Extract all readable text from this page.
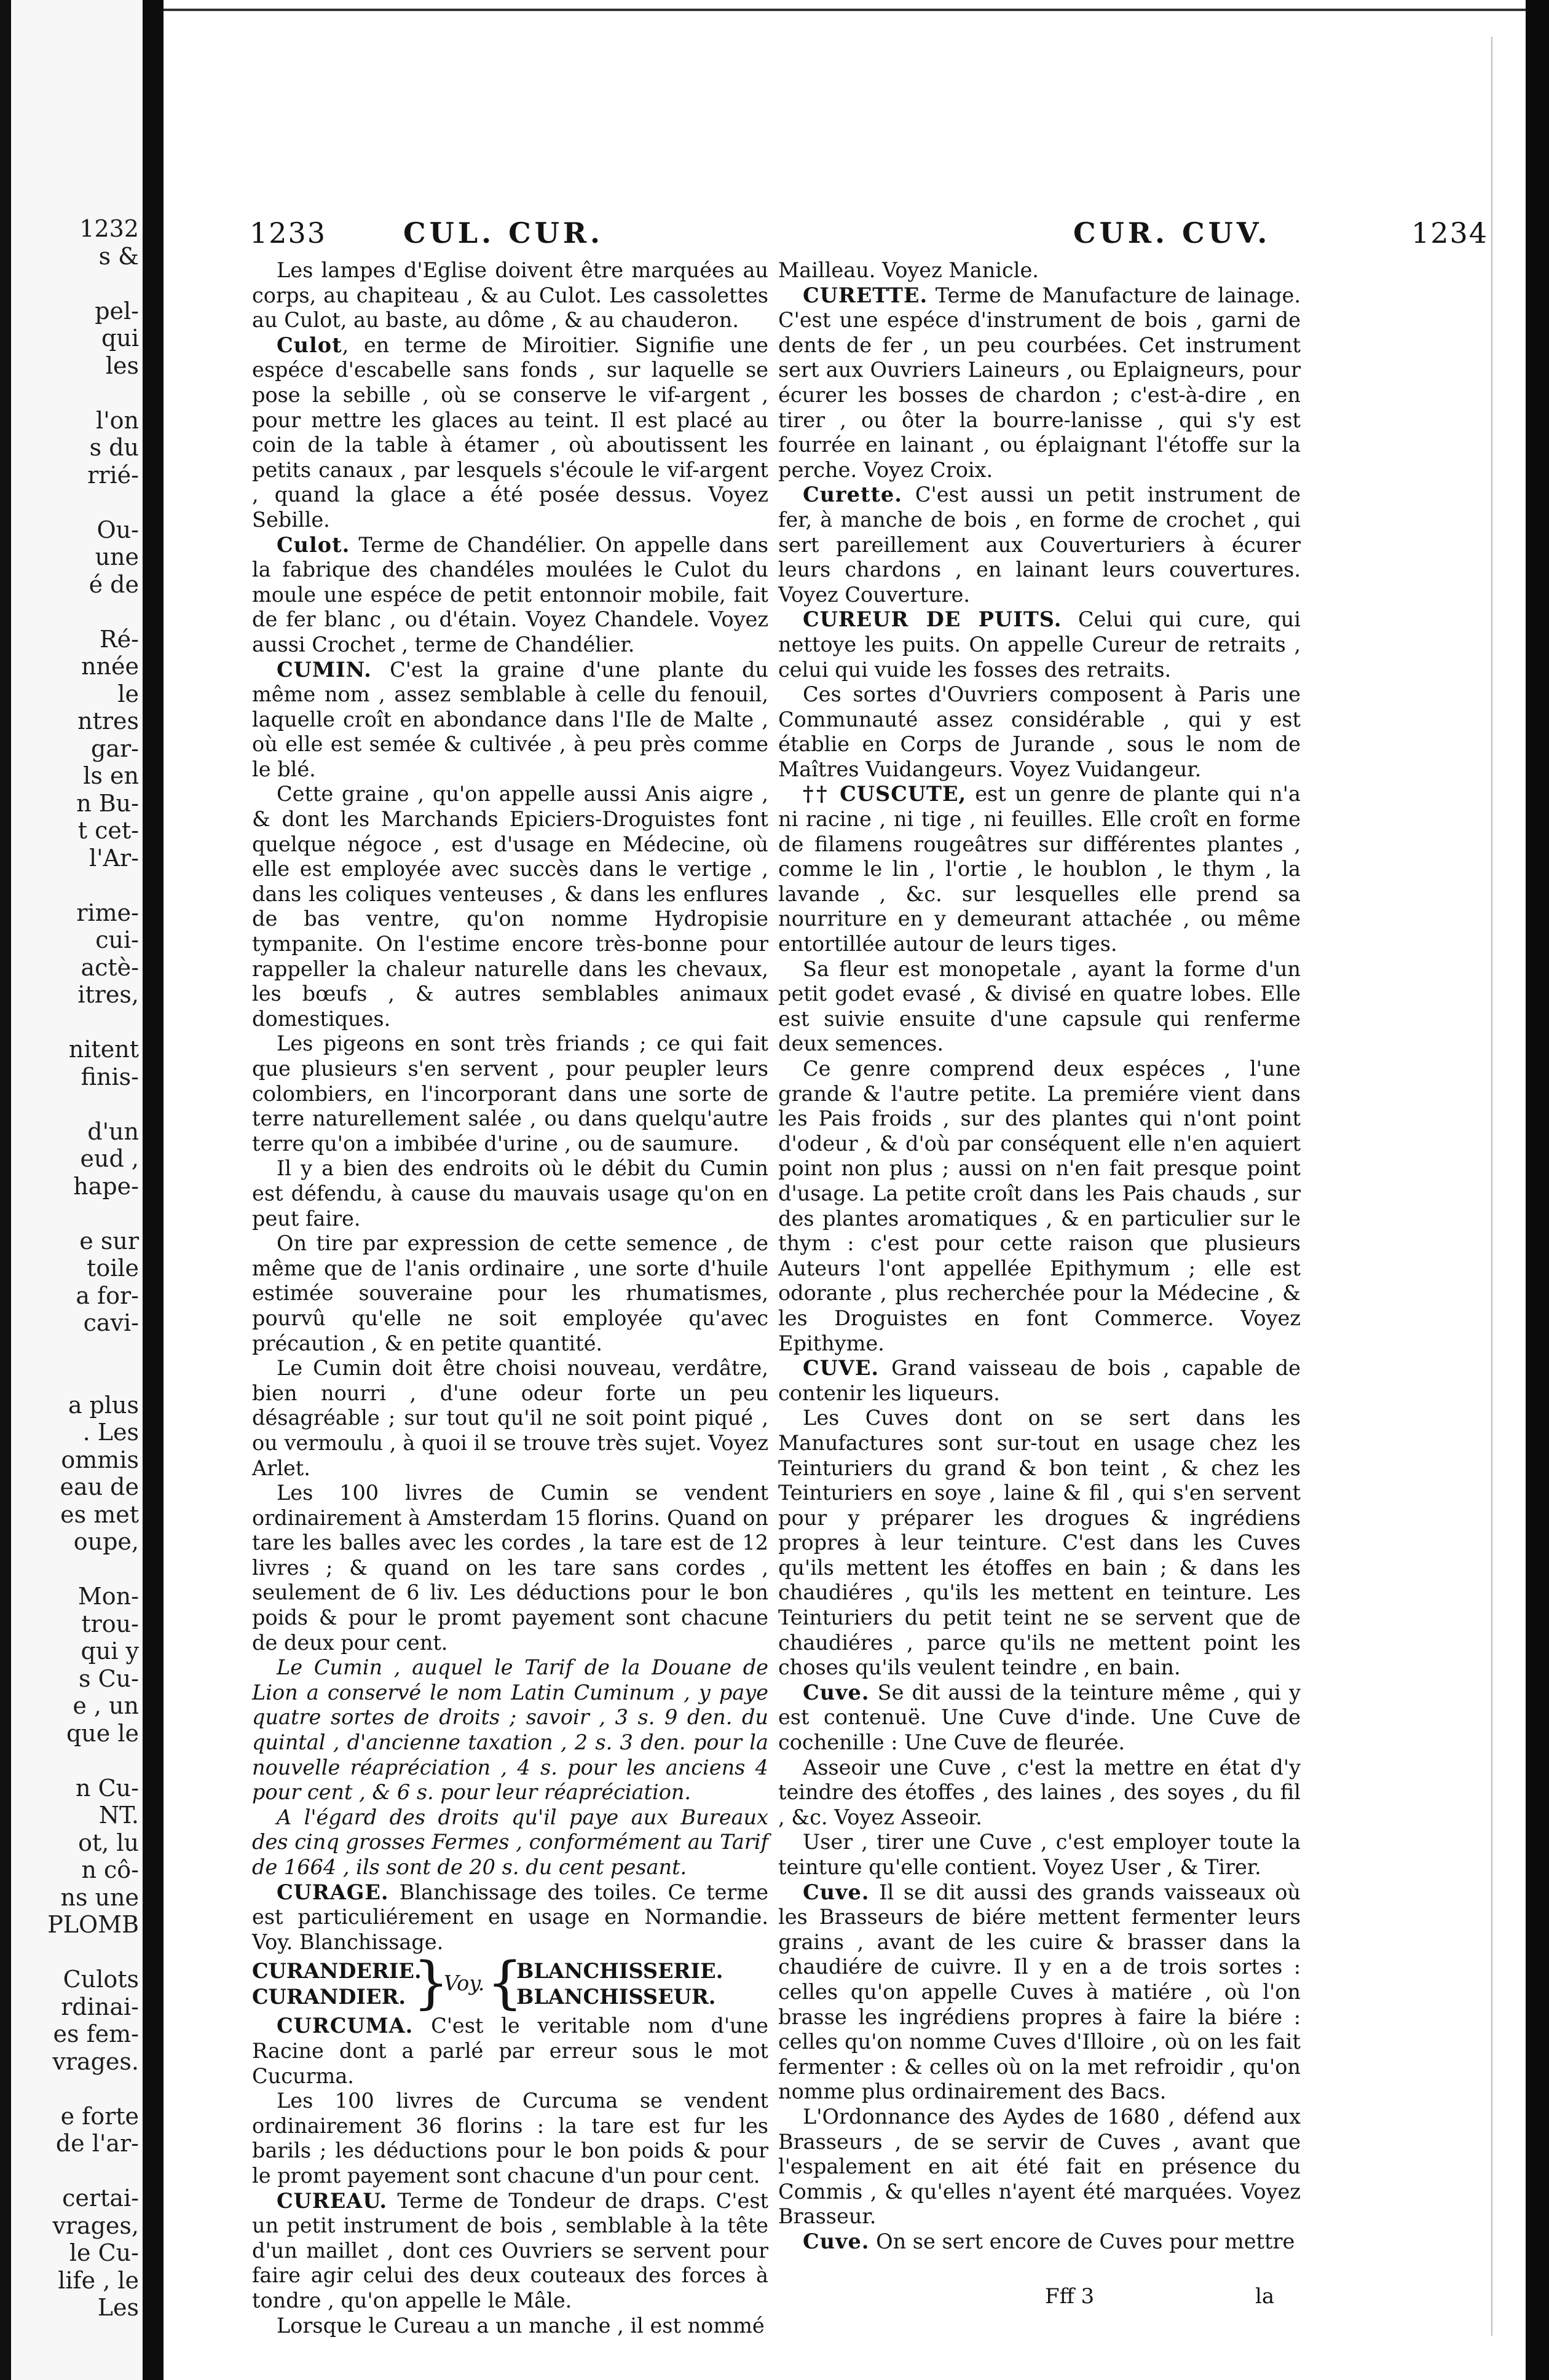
1232
s &
pel-
qui
les
l'on
s du
rrié-
Ou-
une
é de
Ré-
nnée
le
ntres
gar-
ls en
n Bu-
t cet-
l'Ar-
rime-
cui-
actè-
itres,
nitent
finis-
d'un
eud ,
hape-
e sur
toile
a for-
cavi-
a plus
. Les
ommis
eau de
es met
oupe,
Mon-
trou-
qui y
s Cu-
e , un
que le
n Cu-
NT.
ot, lu
n cô-
ns une
PLOMB
Culots
rdinai-
es fem-
vrages.
e forte
de l'ar-
certai-
vrages,
le Cu-
life , le
Les
1233	CUL. CUR.	CUR. CUV.	1234

Les lampes d'Eglise doivent être marquées au corps, au chapiteau , & au Culot. Les cassolettes au Culot, au baste, au dôme , & au chauderon.

Culot, en terme de Miroitier. Signifie une espéce d'escabelle sans fonds , sur laquelle se pose la sebille , où se conserve le vif-argent , pour mettre les glaces au teint. Il est placé au coin de la table à étamer , où aboutissent les petits canaux , par lesquels s'écoule le vif-argent , quand la glace a été posée dessus. Voyez Sebille.

Culot. Terme de Chandélier. On appelle dans la fabrique des chandéles moulées le Culot du moule une espéce de petit entonnoir mobile, fait de fer blanc , ou d'étain. Voyez Chandele. Voyez aussi Crochet , terme de Chandélier.

CUMIN. C'est la graine d'une plante du même nom , assez semblable à celle du fenouil, laquelle croît en abondance dans l'Ile de Malte , où elle est semée & cultivée , à peu près comme le blé.

Cette graine , qu'on appelle aussi Anis aigre , & dont les Marchands Epiciers-Droguistes font quelque négoce , est d'usage en Médecine, où elle est employée avec succès dans le vertige , dans les coliques venteuses , & dans les enflures de bas ventre, qu'on nomme Hydropisie tympanite. On l'estime encore très-bonne pour rappeller la chaleur naturelle dans les chevaux, les bœufs , & autres semblables animaux domestiques.

Les pigeons en sont très friands ; ce qui fait que plusieurs s'en servent , pour peupler leurs colombiers, en l'incorporant dans une sorte de terre naturellement salée , ou dans quelqu'autre terre qu'on a imbibée d'urine , ou de saumure.

Il y a bien des endroits où le débit du Cumin est défendu, à cause du mauvais usage qu'on en peut faire.

On tire par expression de cette semence , de même que de l'anis ordinaire , une sorte d'huile estimée souveraine pour les rhumatismes, pourvû qu'elle ne soit employée qu'avec précaution , & en petite quantité.

Le Cumin doit être choisi nouveau, verdâtre, bien nourri , d'une odeur forte un peu désagréable ; sur tout qu'il ne soit point piqué , ou vermoulu , à quoi il se trouve très sujet. Voyez Arlet.

Les 100 livres de Cumin se vendent ordinairement à Amsterdam 15 florins. Quand on tare les balles avec les cordes , la tare est de 12 livres ; & quand on les tare sans cordes , seulement de 6 liv. Les déductions pour le bon poids & pour le promt payement sont chacune de deux pour cent.

Le Cumin , auquel le Tarif de la Douane de Lion a conservé le nom Latin Cuminum , y paye quatre sortes de droits ; savoir , 3 s. 9 den. du quintal , d'ancienne taxation , 2 s. 3 den. pour la nouvelle réapréciation , 4 s. pour les anciens 4 pour cent , & 6 s. pour leur réapréciation.

A l'égard des droits qu'il paye aux Bureaux des cinq grosses Fermes , conformément au Tarif de 1664 , ils sont de 20 s. du cent pesant.

CURAGE. Blanchissage des toiles. Ce terme est particuliérement en usage en Normandie. Voy. Blanchissage.

CURANDERIE.
CURANDIER. }
Voy. {
BLANCHISSERIE.
BLANCHISSEUR.

CURCUMA. C'est le veritable nom d'une Racine dont a parlé par erreur sous le mot Cucurma.

Les 100 livres de Curcuma se vendent ordinairement 36 florins : la tare est fur les barils ; les déductions pour le bon poids & pour le promt payement sont chacune d'un pour cent.

CUREAU. Terme de Tondeur de draps. C'est un petit instrument de bois , semblable à la tête d'un maillet , dont ces Ouvriers se servent pour faire agir celui des deux couteaux des forces à tondre , qu'on appelle le Mâle.

Lorsque le Cureau a un manche , il est nommé

Mailleau. Voyez Manicle.

CURETTE. Terme de Manufacture de lainage. C'est une espéce d'instrument de bois , garni de dents de fer , un peu courbées. Cet instrument sert aux Ouvriers Laineurs , ou Eplaigneurs, pour écurer les bosses de chardon ; c'est-à-dire , en tirer , ou ôter la bourre-lanisse , qui s'y est fourrée en lainant , ou éplaignant l'étoffe sur la perche. Voyez Croix.

Curette. C'est aussi un petit instrument de fer, à manche de bois , en forme de crochet , qui sert pareillement aux Couverturiers à écurer leurs chardons , en lainant leurs couvertures. Voyez Couverture.

CUREUR DE PUITS. Celui qui cure, qui nettoye les puits. On appelle Cureur de retraits , celui qui vuide les fosses des retraits.

Ces sortes d'Ouvriers composent à Paris une Communauté assez considérable , qui y est établie en Corps de Jurande , sous le nom de Maîtres Vuidangeurs. Voyez Vuidangeur.

†† CUSCUTE, est un genre de plante qui n'a ni racine , ni tige , ni feuilles. Elle croît en forme de filamens rougeâtres sur différentes plantes , comme le lin , l'ortie , le houblon , le thym , la lavande , &c. sur lesquelles elle prend sa nourriture en y demeurant attachée , ou même entortillée autour de leurs tiges.

Sa fleur est monopetale , ayant la forme d'un petit godet evasé , & divisé en quatre lobes. Elle est suivie ensuite d'une capsule qui renferme deux semences.

Ce genre comprend deux espéces , l'une grande & l'autre petite. La premiére vient dans les Pais froids , sur des plantes qui n'ont point d'odeur , & d'où par conséquent elle n'en aquiert point non plus ; aussi on n'en fait presque point d'usage. La petite croît dans les Pais chauds , sur des plantes aromatiques , & en particulier sur le thym : c'est pour cette raison que plusieurs Auteurs l'ont appellée Epithymum ; elle est odorante , plus recherchée pour la Médecine , & les Droguistes en font Commerce. Voyez Epithyme.

CUVE. Grand vaisseau de bois , capable de contenir les liqueurs.

Les Cuves dont on se sert dans les Manufactures sont sur-tout en usage chez les Teinturiers du grand & bon teint , & chez les Teinturiers en soye , laine & fil , qui s'en servent pour y préparer les drogues & ingrédiens propres à leur teinture. C'est dans les Cuves qu'ils mettent les étoffes en bain ; & dans les chaudiéres , qu'ils les mettent en teinture. Les Teinturiers du petit teint ne se servent que de chaudiéres , parce qu'ils ne mettent point les choses qu'ils veulent teindre , en bain.

Cuve. Se dit aussi de la teinture même , qui y est contenuë. Une Cuve d'inde. Une Cuve de cochenille : Une Cuve de fleurée.

Asseoir une Cuve , c'est la mettre en état d'y teindre des étoffes , des laines , des soyes , du fil , &c. Voyez Asseoir.

User , tirer une Cuve , c'est employer toute la teinture qu'elle contient. Voyez User , & Tirer.

Cuve. Il se dit aussi des grands vaisseaux où les Brasseurs de biére mettent fermenter leurs grains , avant de les cuire & brasser dans la chaudiére de cuivre. Il y en a de trois sortes : celles qu'on appelle Cuves à matiére , où l'on brasse les ingrédiens propres à faire la biére : celles qu'on nomme Cuves d'Illoire , où on les fait fermenter : & celles où on la met refroidir , qu'on nomme plus ordinairement des Bacs.

L'Ordonnance des Aydes de 1680 , défend aux Brasseurs , de se servir de Cuves , avant que l'espalement en ait été fait en présence du Commis , & qu'elles n'ayent été marquées. Voyez Brasseur.

Cuve. On se sert encore de Cuves pour mettre

Fff 3	la
